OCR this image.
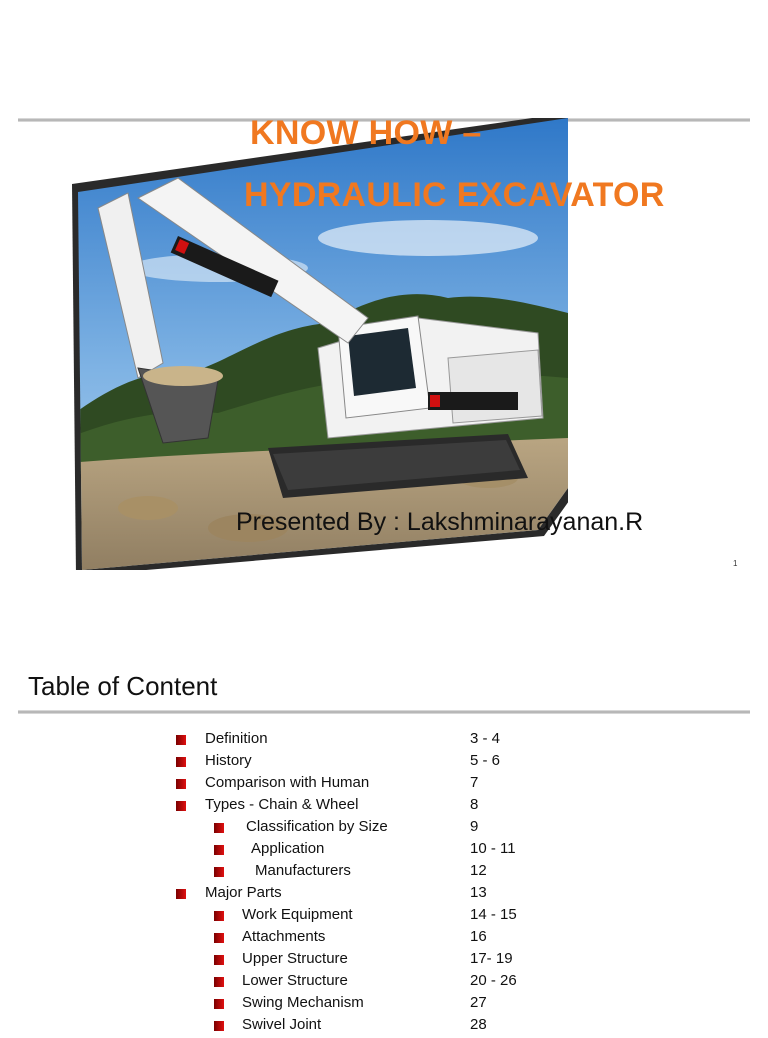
KNOW HOW –
HYDRAULIC EXCAVATOR
Presented By : Lakshminarayanan.R
1
Table of Content
Definition	3 - 4
History	5 - 6
Comparison with Human	7
Types - Chain & Wheel	8
Classification by Size	9
Application	10 - 11
Manufacturers	12
Major Parts	13
Work Equipment	14 - 15
Attachments	16
Upper Structure	17- 19
Lower Structure	20 - 26
Swing Mechanism	27
Swivel Joint	28
